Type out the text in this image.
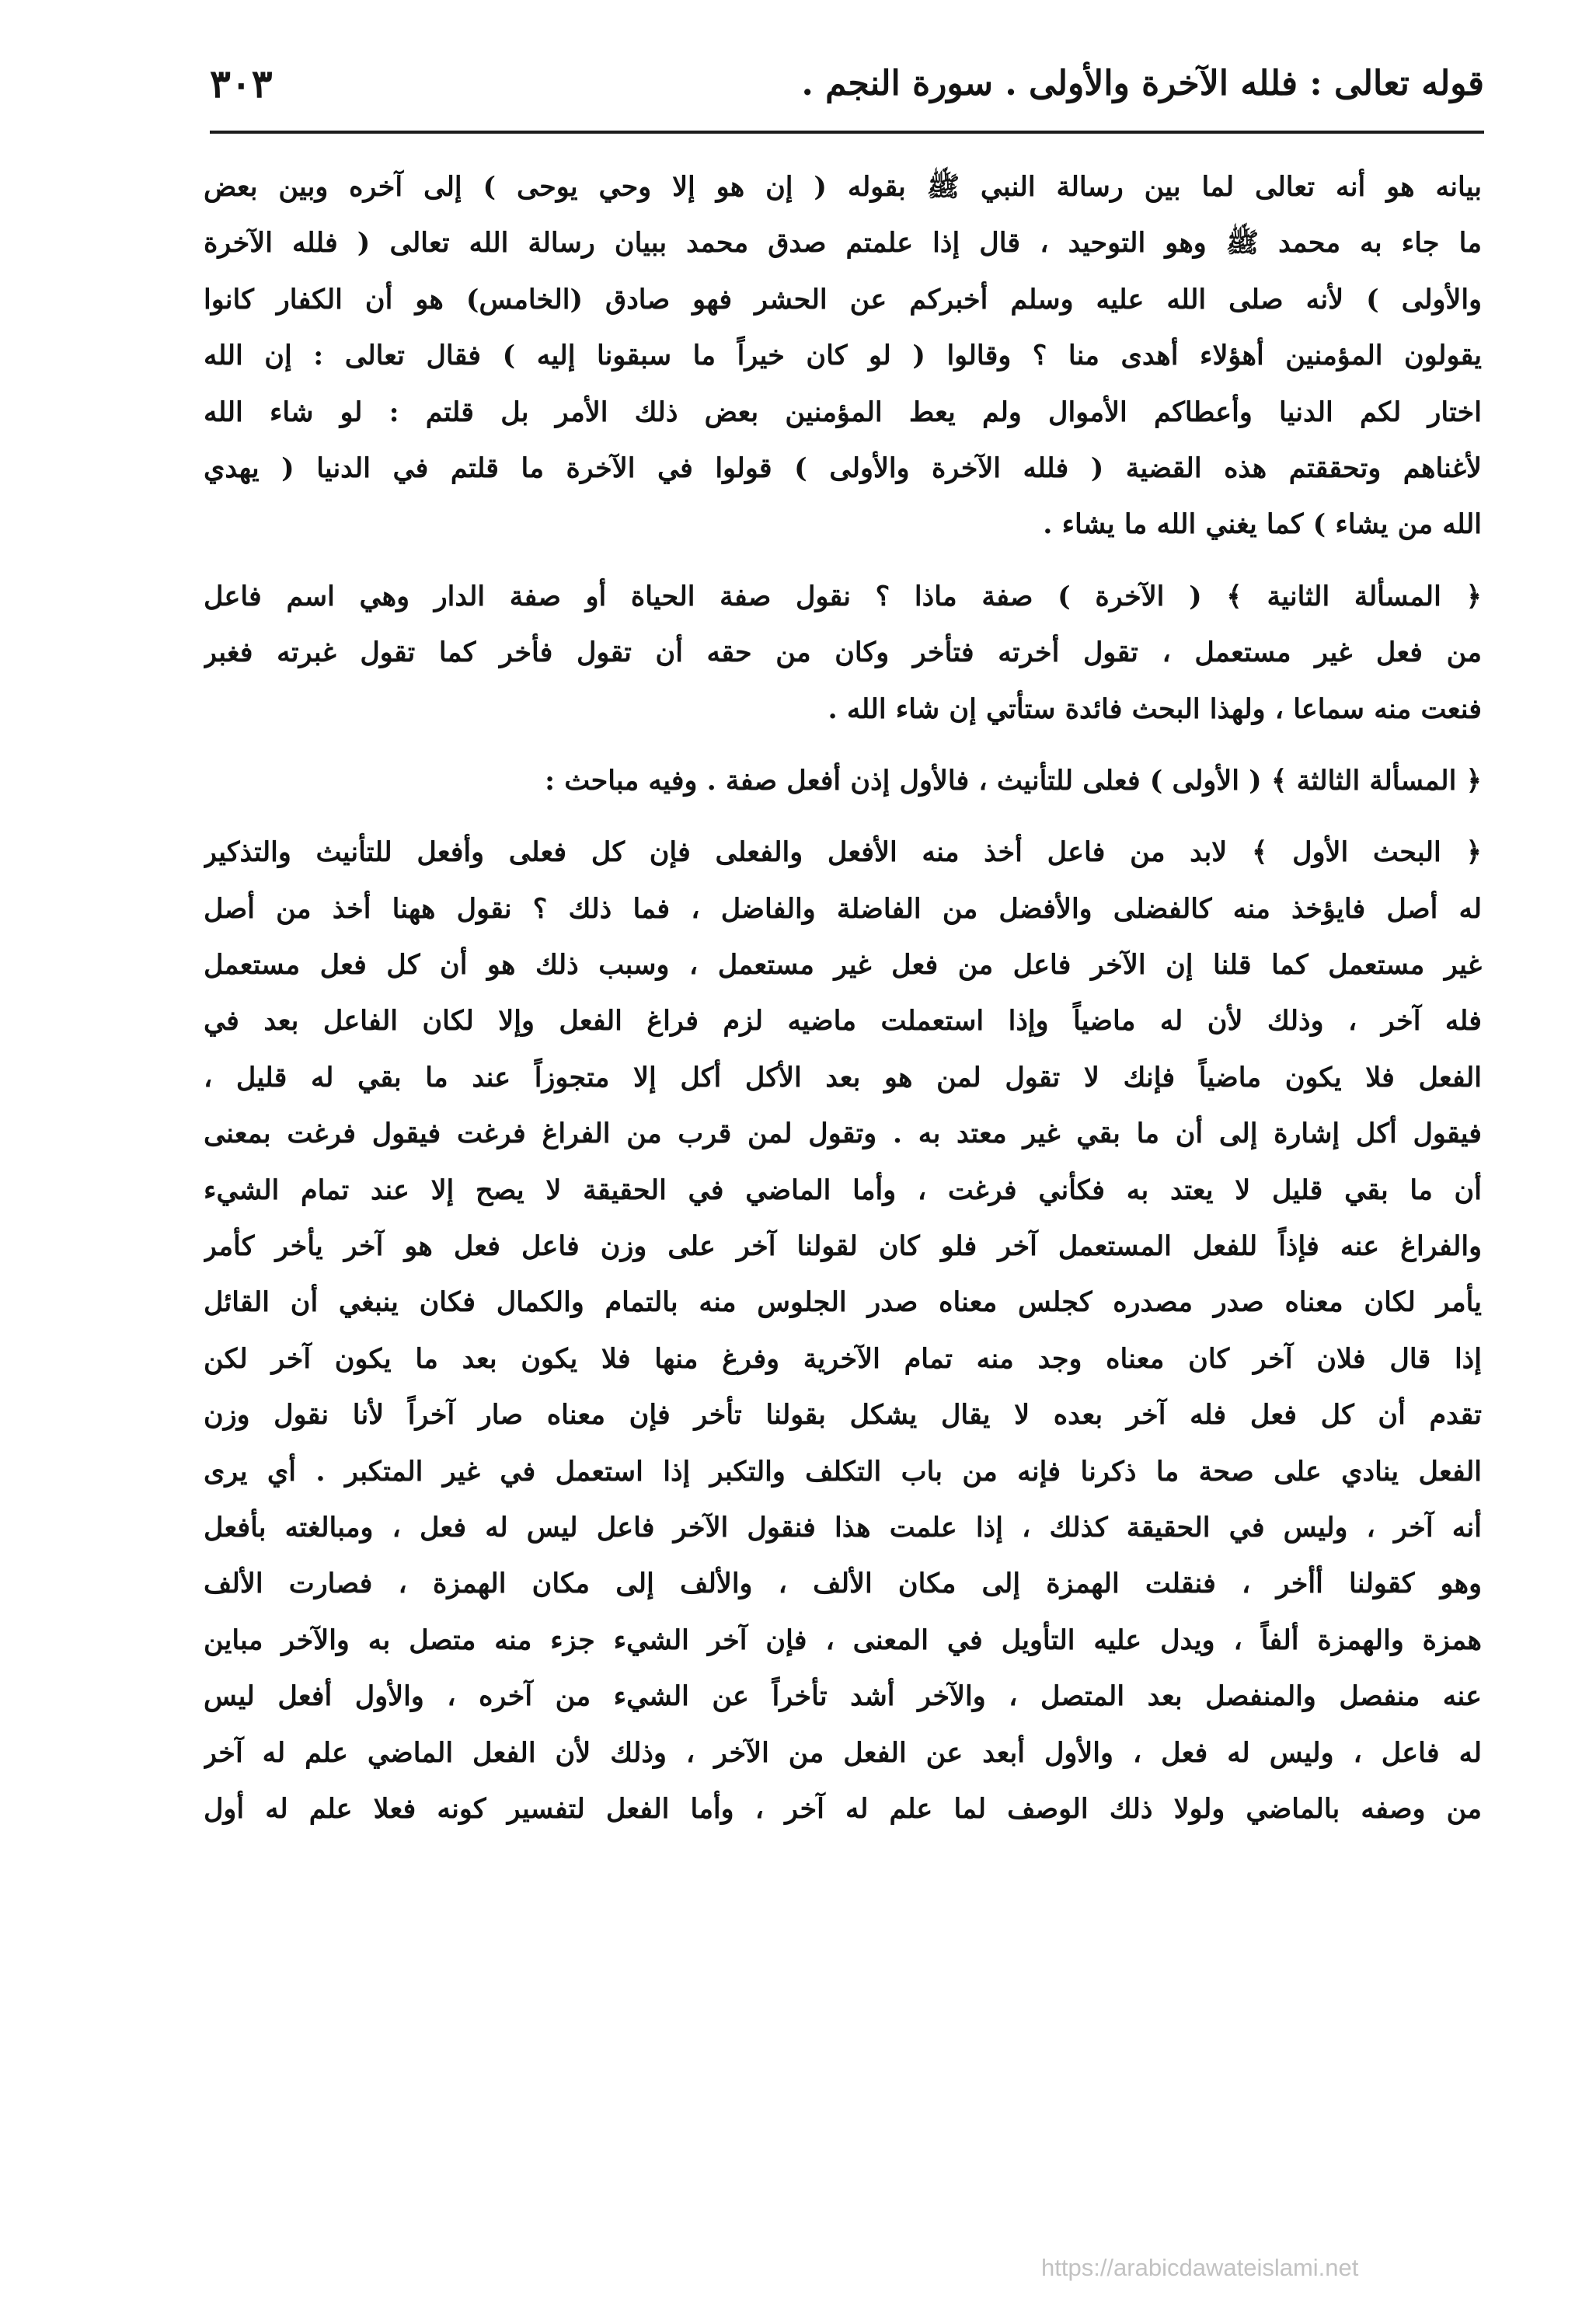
قوله تعالى : فلله الآخرة والأولى . سورة النجم .
٣٠٣
بيانه هو أنه تعالى لما بين رسالة النبي ﷺ بقوله ( إن هو إلا وحي يوحى ) إلى آخره وبين بعض
ما جاء به محمد ﷺ وهو التوحيد ، قال إذا علمتم صدق محمد ببيان رسالة الله تعالى ( فلله الآخرة
والأولى ) لأنه صلى الله عليه وسلم أخبركم عن الحشر فهو صادق (الخامس) هو أن الكفار كانوا
يقولون المؤمنين أهؤلاء أهدى منا ؟ وقالوا ( لو كان خيراً ما سبقونا إليه ) فقال تعالى : إن الله
اختار لكم الدنيا وأعطاكم الأموال ولم يعط المؤمنين بعض ذلك الأمر بل قلتم : لو شاء الله
لأغناهم وتحققتم هذه القضية ( فلله الآخرة والأولى ) قولوا في الآخرة ما قلتم في الدنيا ( يهدي
الله من يشاء ) كما يغني الله ما يشاء .
﴿ المسألة الثانية ﴾ ( الآخرة ) صفة ماذا ؟ نقول صفة الحياة أو صفة الدار وهي اسم فاعل
من فعل غير مستعمل ، تقول أخرته فتأخر وكان من حقه أن تقول فأخر كما تقول غبرته فغبر
فنعت منه سماعا ، ولهذا البحث فائدة ستأتي إن شاء الله .
﴿ المسألة الثالثة ﴾ ( الأولى ) فعلى للتأنيث ، فالأول إذن أفعل صفة . وفيه مباحث :
﴿ البحث الأول ﴾ لابد من فاعل أخذ منه الأفعل والفعلى فإن كل فعلى وأفعل للتأنيث والتذكير
له أصل فايؤخذ منه كالفضلى والأفضل من الفاضلة والفاضل ، فما ذلك ؟ نقول ههنا أخذ من أصل
غير مستعمل كما قلنا إن الآخر فاعل من فعل غير مستعمل ، وسبب ذلك هو أن كل فعل مستعمل
فله آخر ، وذلك لأن له ماضياً وإذا استعملت ماضيه لزم فراغ الفعل وإلا لكان الفاعل بعد في
الفعل فلا يكون ماضياً فإنك لا تقول لمن هو بعد الأكل أكل إلا متجوزاً عند ما بقي له قليل ،
فيقول أكل إشارة إلى أن ما بقي غير معتد به . وتقول لمن قرب من الفراغ فرغت فيقول فرغت بمعنى
أن ما بقي قليل لا يعتد به فكأني فرغت ، وأما الماضي في الحقيقة لا يصح إلا عند تمام الشيء
والفراغ عنه فإذاً للفعل المستعمل آخر فلو كان لقولنا آخر على وزن فاعل فعل هو آخر يأخر كأمر
يأمر لكان معناه صدر مصدره كجلس معناه صدر الجلوس منه بالتمام والكمال فكان ينبغي أن القائل
إذا قال فلان آخر كان معناه وجد منه تمام الآخرية وفرغ منها فلا يكون بعد ما يكون آخر لكن
تقدم أن كل فعل فله آخر بعده لا يقال يشكل بقولنا تأخر فإن معناه صار آخراً لأنا نقول وزن
الفعل ينادي على صحة ما ذكرنا فإنه من باب التكلف والتكبر إذا استعمل في غير المتكبر . أي يرى
أنه آخر ، وليس في الحقيقة كذلك ، إذا علمت هذا فنقول الآخر فاعل ليس له فعل ، ومبالغته بأفعل
وهو كقولنا أأخر ، فنقلت الهمزة إلى مكان الألف ، والألف إلى مكان الهمزة ، فصارت الألف
همزة والهمزة ألفاً ، ويدل عليه التأويل في المعنى ، فإن آخر الشيء جزء منه متصل به والآخر مباين
عنه منفصل والمنفصل بعد المتصل ، والآخر أشد تأخراً عن الشيء من آخره ، والأول أفعل ليس
له فاعل ، وليس له فعل ، والأول أبعد عن الفعل من الآخر ، وذلك لأن الفعل الماضي علم له آخر
من وصفه بالماضي ولولا ذلك الوصف لما علم له آخر ، وأما الفعل لتفسير كونه فعلا علم له أول
https://arabicdawateislami.net
